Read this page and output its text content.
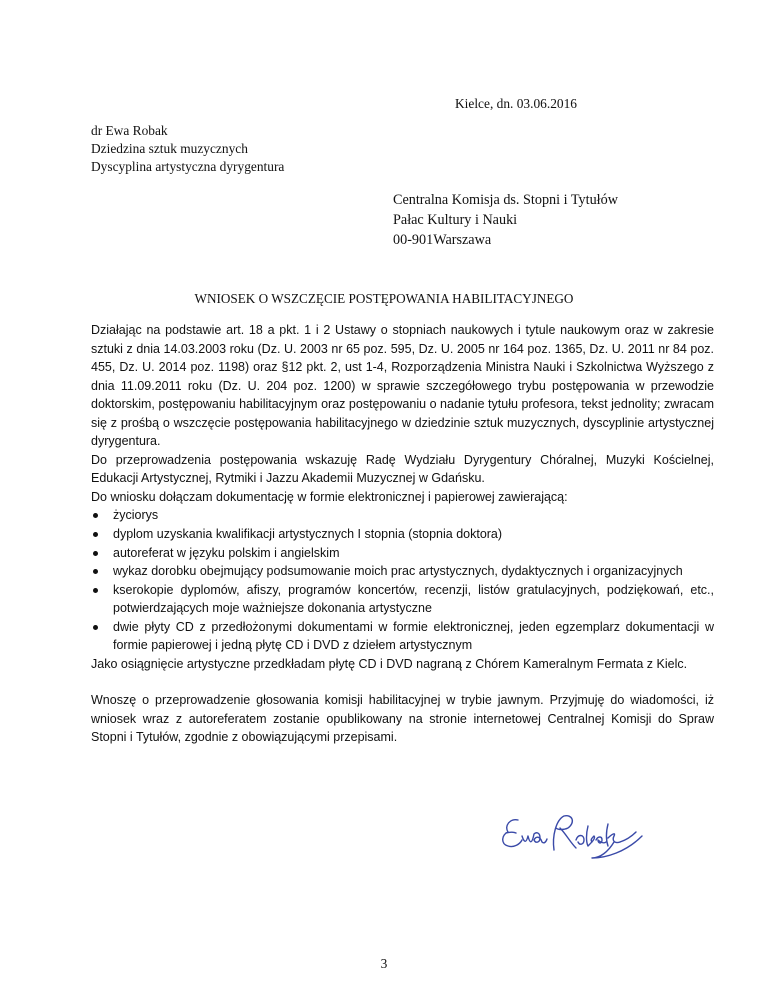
Kielce, dn. 03.06.2016
dr Ewa Robak
Dziedzina sztuk muzycznych
Dyscyplina artystyczna dyrygentura
Centralna Komisja ds. Stopni i Tytułów
Pałac Kultury i Nauki
00-901Warszawa
WNIOSEK O WSZCZĘCIE POSTĘPOWANIA HABILITACYJNEGO
Działając na podstawie art. 18 a pkt. 1 i 2 Ustawy o stopniach naukowych i tytule naukowym oraz w zakresie sztuki z dnia 14.03.2003 roku (Dz. U. 2003 nr 65 poz. 595, Dz. U. 2005 nr 164 poz. 1365, Dz. U. 2011 nr 84 poz. 455, Dz. U. 2014 poz. 1198) oraz §12 pkt. 2, ust 1-4, Rozporządzenia Ministra Nauki i Szkolnictwa Wyższego z dnia 11.09.2011 roku (Dz. U. 204 poz. 1200) w sprawie szczegółowego trybu postępowania w przewodzie doktorskim, postępowaniu habilitacyjnym oraz postępowaniu o nadanie tytułu profesora, tekst jednolity; zwracam się z prośbą o wszczęcie postępowania habilitacyjnego w dziedzinie sztuk muzycznych, dyscyplinie artystycznej dyrygentura.
Do przeprowadzenia postępowania wskazuję Radę Wydziału Dyrygentury Chóralnej, Muzyki Kościelnej, Edukacji Artystycznej, Rytmiki i Jazzu Akademii Muzycznej w Gdańsku.
Do wniosku dołączam dokumentację w formie elektronicznej i papierowej zawierającą:
życiorys
dyplom uzyskania kwalifikacji artystycznych I stopnia (stopnia doktora)
autoreferat w języku polskim i angielskim
wykaz dorobku obejmujący podsumowanie moich prac artystycznych, dydaktycznych i organizacyjnych
kserokopie dyplomów, afiszy, programów koncertów, recenzji, listów gratulacyjnych, podziękowań, etc., potwierdzających moje ważniejsze dokonania artystyczne
dwie płyty CD z przedłożonymi dokumentami w formie elektronicznej, jeden egzemplarz dokumentacji w formie papierowej i jedną płytę CD i DVD z dziełem artystycznym
Jako osiągnięcie artystyczne przedkładam płytę CD i DVD nagraną z Chórem Kameralnym Fermata z Kielc.
Wnoszę o przeprowadzenie głosowania komisji habilitacyjnej w trybie jawnym. Przyjmuję do wiadomości, iż wniosek wraz z autoreferatem zostanie opublikowany na stronie internetowej Centralnej Komisji do Spraw Stopni i Tytułów, zgodnie z obowiązującymi przepisami.
3
